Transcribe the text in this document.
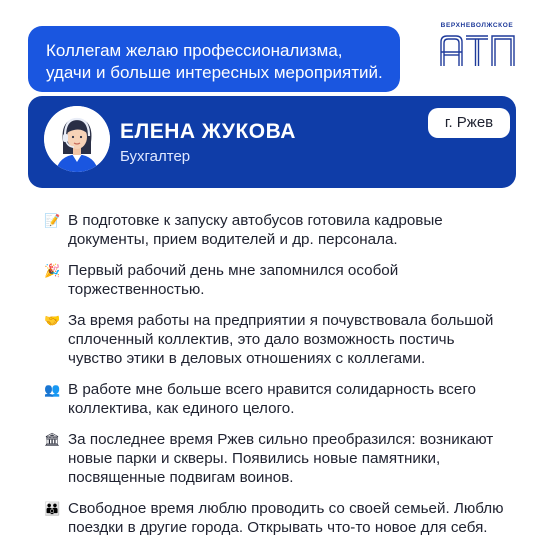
Коллегам желаю профессионализма,
удачи и больше интересных мероприятий.
ВЕРХНЕВОЛЖСКОЕ
ЕЛЕНА ЖУКОВА
Бухгалтер
г. Ржев
📝 В подготовке к запуску автобусов готовила кадровые
документы, прием водителей и др. персонала.
🎉 Первый рабочий день мне запомнился особой
торжественностью.
🤝 За время работы на предприятии я почувствовала большой
сплоченный коллектив, это дало возможность постичь
чувство этики в деловых отношениях с коллегами.
👥 В работе мне больше всего нравится солидарность всего
коллектива, как единого целого.
🏛 За последнее время Ржев сильно преобразился: возникают
новые парки и скверы. Появились новые памятники,
посвященные подвигам воинов.
👪 Свободное время люблю проводить со своей семьей. Люблю
поездки в другие города. Открывать что-то новое для себя.
